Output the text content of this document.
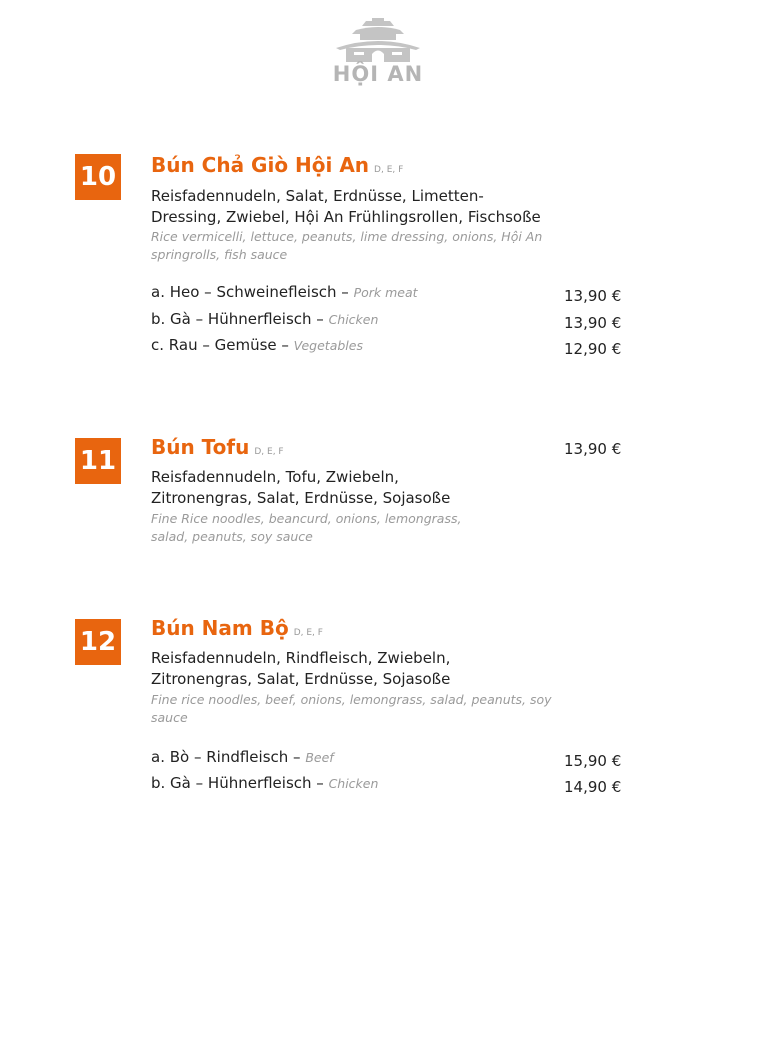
HỘI AN
10 Bún Chả Giò Hội An D, E, F
Reisfadennudeln, Salat, Erdnüsse, Limetten-
Dressing, Zwiebel, Hội An Frühlingsrollen, Fischsoße
Rice vermicelli, lettuce, peanuts, lime dressing, onions, Hội An
springrolls, fish sauce
a. Heo – Schweinefleisch – Pork meat	13,90 €
b. Gà – Hühnerfleisch – Chicken	13,90 €
c. Rau – Gemüse – Vegetables	12,90 €
11 Bún Tofu D, E, F	13,90 €
Reisfadennudeln, Tofu, Zwiebeln,
Zitronengras, Salat, Erdnüsse, Sojasoße
Fine Rice noodles, beancurd, onions, lemongrass,
salad, peanuts, soy sauce
12 Bún Nam Bộ D, E, F
Reisfadennudeln, Rindfleisch, Zwiebeln,
Zitronengras, Salat, Erdnüsse, Sojasoße
Fine rice noodles, beef, onions, lemongrass, salad, peanuts, soy
sauce
a. Bò – Rindfleisch – Beef	15,90 €
b. Gà – Hühnerfleisch – Chicken	14,90 €
